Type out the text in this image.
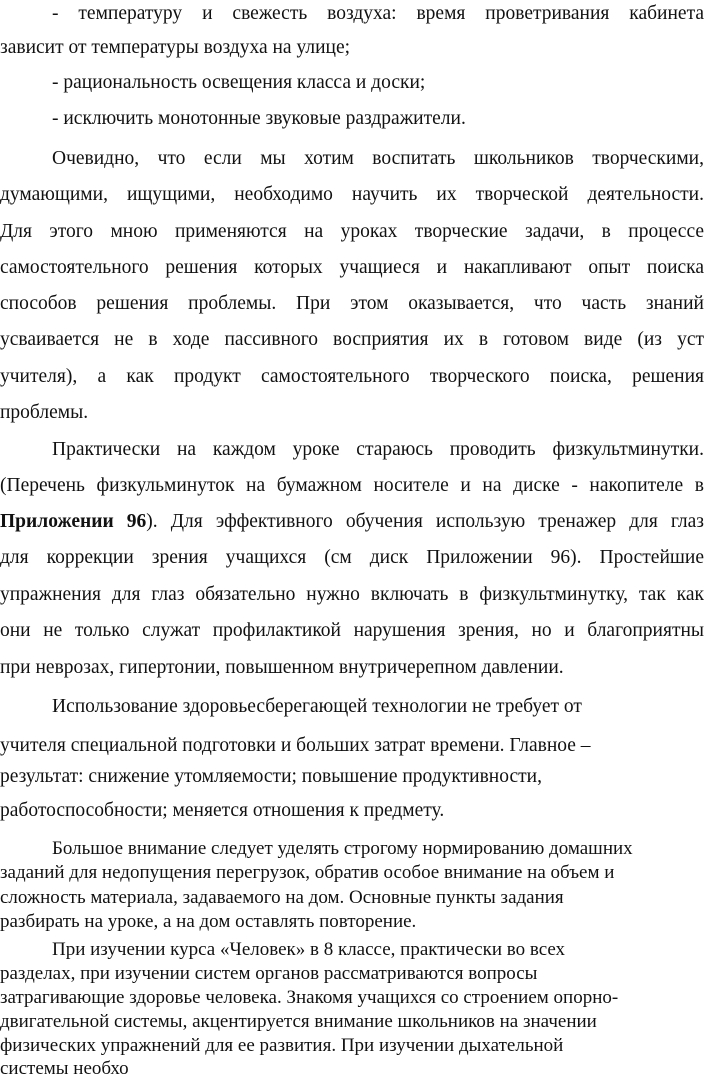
- температуру и свежесть воздуха: время проветривания кабинета
зависит от температуры воздуха на улице;
- рациональность освещения класса и доски;
- исключить монотонные звуковые раздражители.
Очевидно, что если мы хотим воспитать школьников творческими,
думающими, ищущими, необходимо научить их творческой деятельности.
Для этого мною применяются на уроках творческие задачи, в процессе
самостоятельного решения которых учащиеся и накапливают опыт поиска
способов решения проблемы. При этом оказывается, что часть знаний
усваивается не в ходе пассивного восприятия их в готовом виде (из уст
учителя), а как продукт самостоятельного творческого поиска, решения
проблемы.
Практически на каждом уроке стараюсь проводить физкультминутки.
(Перечень физкульминуток на бумажном носителе и на диске - накопителе в
Приложении 96). Для эффективного обучения использую тренажер для глаз
для коррекции зрения учащихся (см диск Приложении 96). Простейшие
упражнения для глаз обязательно нужно включать в физкультминутку, так как
они не только служат профилактикой нарушения зрения, но и благоприятны
при неврозах, гипертонии, повышенном внутричерепном давлении.
Использование здоровьесберегающей технологии не требует от
учителя специальной подготовки и больших затрат времени. Главное –
результат: снижение утомляемости; повышение продуктивности,
работоспособности; меняется отношения к предмету.
Большое внимание следует уделять строгому нормированию домашних
заданий для недопущения перегрузок, обратив особое внимание на объем и
сложность материала, задаваемого на дом. Основные пункты задания
разбирать на уроке, а на дом оставлять повторение.
При изучении курса «Человек» в 8 классе, практически во всех
разделах, при изучении систем органов рассматриваются вопросы
затрагивающие здоровье человека. Знакомя учащихся со строением опорно-
двигательной системы, акцентируется внимание школьников на значении
физических упражнений для ее развития. При изучении дыхательной
системы необхо
